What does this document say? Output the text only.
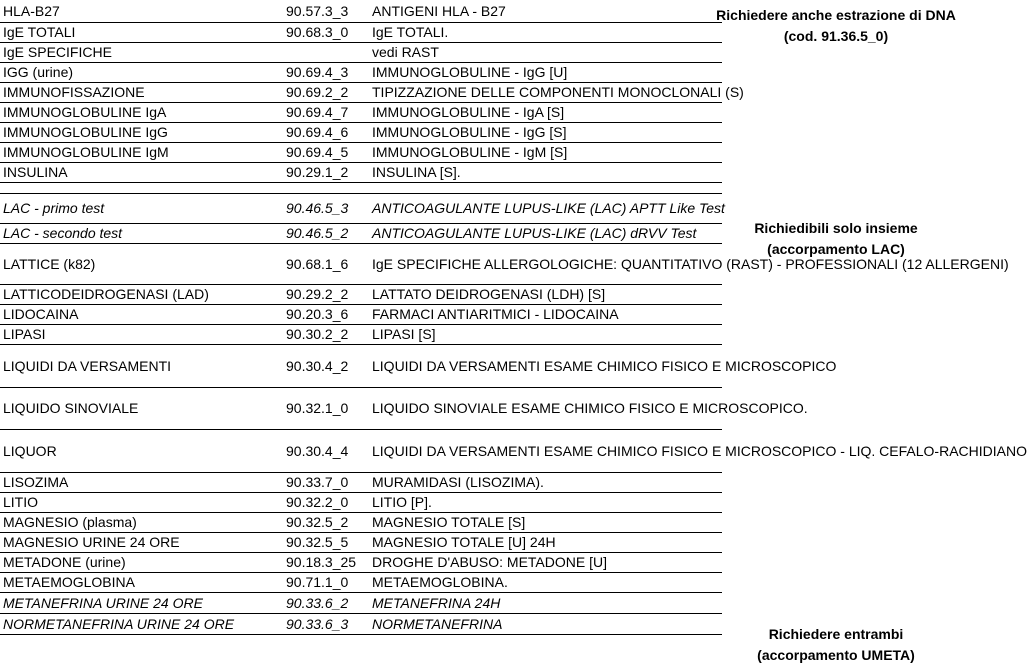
HLA-B27	90.57.3_3	ANTIGENI HLA - B27	
IgE TOTALI	90.68.3_0	IgE TOTALI.	
IgE SPECIFICHE		vedi RAST	
IGG (urine)	90.69.4_3	IMMUNOGLOBULINE - IgG [U]	
IMMUNOFISSAZIONE	90.69.2_2	TIPIZZAZIONE DELLE COMPONENTI MONOCLONALI (S)	
IMMUNOGLOBULINE IgA	90.69.4_7	IMMUNOGLOBULINE - IgA [S]	
IMMUNOGLOBULINE IgG	90.69.4_6	IMMUNOGLOBULINE - IgG [S]	
IMMUNOGLOBULINE IgM	90.69.4_5	IMMUNOGLOBULINE - IgM [S]	
INSULINA	90.29.1_2	INSULINA [S].	

LAC - primo test	90.46.5_3	ANTICOAGULANTE LUPUS-LIKE (LAC) APTT Like Test	
LAC - secondo test	90.46.5_2	ANTICOAGULANTE LUPUS-LIKE (LAC) dRVV Test	
LATTICE (k82)	90.68.1_6	IgE SPECIFICHE ALLERGOLOGICHE: QUANTITATIVO (RAST) - PROFESSIONALI (12 ALLERGENI)	
LATTICODEIDROGENASI (LAD)	90.29.2_2	LATTATO DEIDROGENASI (LDH) [S]	
LIDOCAINA	90.20.3_6	FARMACI ANTIARITMICI - LIDOCAINA	
LIPASI	90.30.2_2	LIPASI [S]	
LIQUIDI DA VERSAMENTI	90.30.4_2	LIQUIDI DA VERSAMENTI ESAME CHIMICO FISICO E MICROSCOPICO	
LIQUIDO SINOVIALE	90.32.1_0	LIQUIDO SINOVIALE ESAME CHIMICO FISICO E MICROSCOPICO.	
LIQUOR	90.30.4_4	LIQUIDI DA VERSAMENTI ESAME CHIMICO FISICO E MICROSCOPICO - LIQ. CEFALO-RACHIDIANO	
LISOZIMA	90.33.7_0	MURAMIDASI (LISOZIMA).	
LITIO	90.32.2_0	LITIO [P].	
MAGNESIO (plasma)	90.32.5_2	MAGNESIO TOTALE [S]	
MAGNESIO URINE 24 ORE	90.32.5_5	MAGNESIO TOTALE [U] 24H	
METADONE (urine)	90.18.3_25	DROGHE D'ABUSO: METADONE [U]	
METAEMOGLOBINA	90.71.1_0	METAEMOGLOBINA.	
METANEFRINA URINE 24 ORE	90.33.6_2	METANEFRINA 24H	
NORMETANEFRINA URINE 24 ORE	90.33.6_3	NORMETANEFRINA	
Richiedere anche estrazione di DNA
(cod. 91.36.5_0)
Richiedibili solo insieme
(accorpamento LAC)
Richiedere entrambi
(accorpamento UMETA)
